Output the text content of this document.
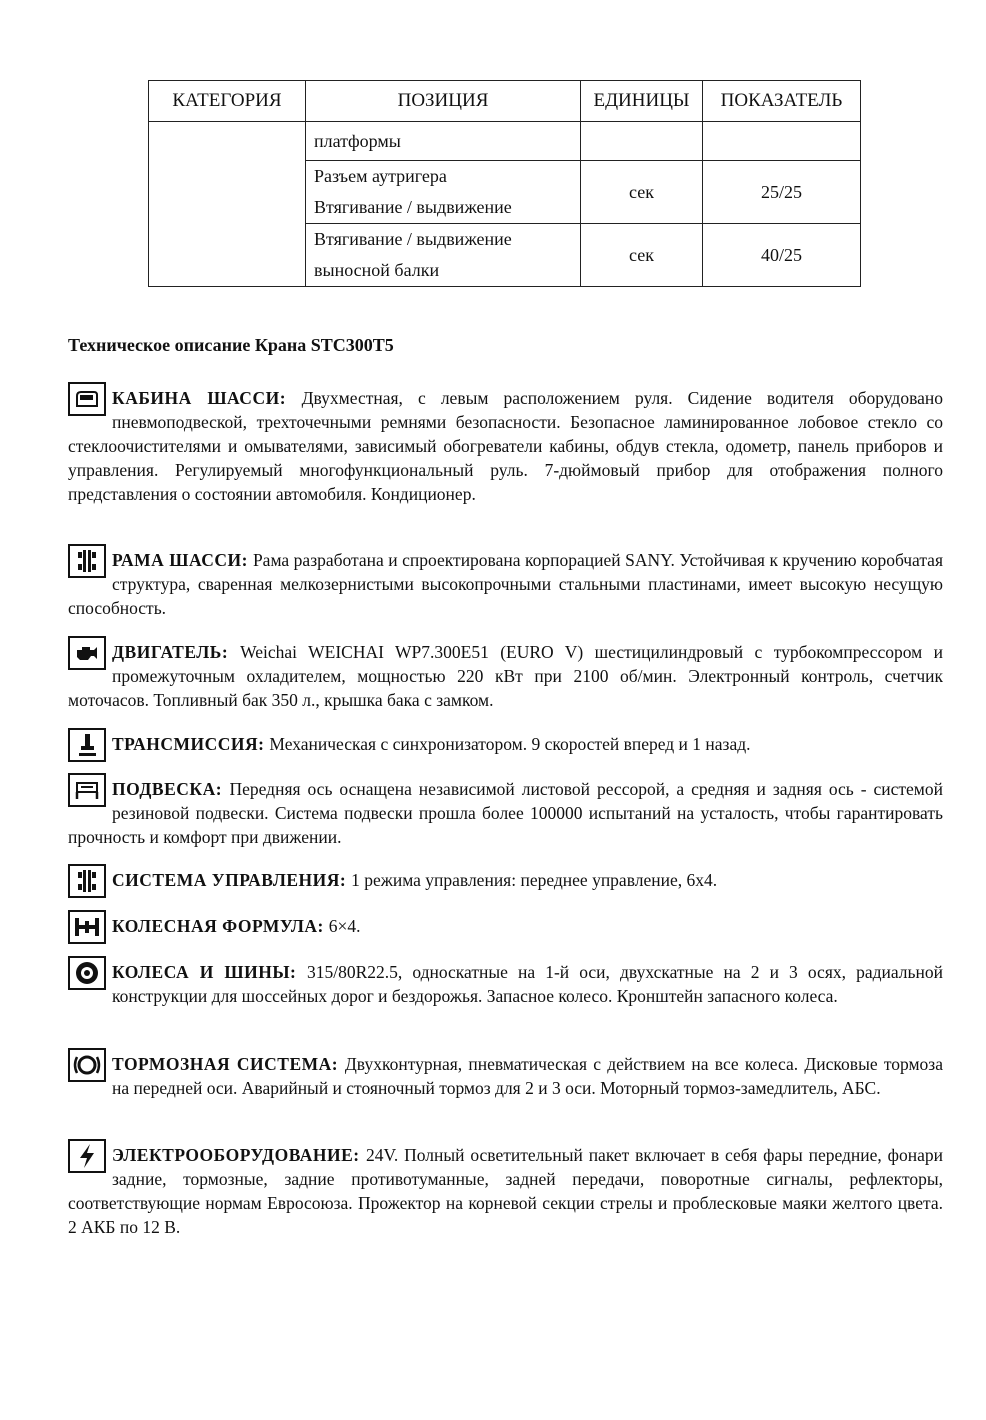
КАТЕГОРИЯ	ПОЗИЦИЯ	ЕДИНИЦЫ	ПОКАЗАТЕЛЬ

	платформы		

	Разъем аутригера
Втягивание / выдвижение	сек	25/25

	Втягивание / выдвижение
выносной балки	сек	40/25
Техническое описание Крана STC300T5
КАБИНА ШАССИ: Двухместная, с левым расположением руля. Сидение водителя оборудовано пневмоподвеской, трехточечными ремнями безопасности. Безопасное ламинированное лобовое стекло со стеклоочистителями и омывателями, зависимый обогреватели кабины, обдув стекла, одометр, панель приборов и управления. Регулируемый многофункциональный руль. 7-дюймовый прибор для отображения полного представления о состоянии автомобиля. Кондиционер.
РАМА ШАССИ: Рама разработана и спроектирована корпорацией SANY. Устойчивая к кручению коробчатая структура, сваренная мелкозернистыми высокопрочными стальными пластинами, имеет высокую несущую способность.
ДВИГАТЕЛЬ: Weichai WEICHAI WP7.300E51 (EURO V) шестицилиндровый с турбокомпрессором и промежуточным охладителем, мощностью 220 кВт при 2100 об/мин. Электронный контроль, счетчик моточасов. Топливный бак 350 л., крышка бака с замком.
ТРАНСМИССИЯ: Механическая с синхронизатором. 9 скоростей вперед и 1 назад.
ПОДВЕСКА: Передняя ось оснащена независимой листовой рессорой, а средняя и задняя ось - системой резиновой подвески. Система подвески прошла более 100000 испытаний на усталость, чтобы гарантировать прочность и комфорт при движении.
СИСТЕМА УПРАВЛЕНИЯ: 1 режима управления: переднее управление, 6x4.
КОЛЕСНАЯ ФОРМУЛА: 6×4.
КОЛЕСА И ШИНЫ: 315/80R22.5, односкатные на 1-й оси, двухскатные на 2 и 3 осях, радиальной конструкции для шоссейных дорог и бездорожья. Запасное колесо. Кронштейн запасного колеса.
ТОРМОЗНАЯ СИСТЕМА: Двухконтурная, пневматическая с действием на все колеса. Дисковые тормоза на передней оси. Аварийный и стояночный тормоз для 2 и 3 оси. Моторный тормоз-замедлитель, АБС.
ЭЛЕКТРООБОРУДОВАНИЕ: 24V. Полный осветительный пакет включает в себя фары передние, фонари задние, тормозные, задние противотуманные, задней передачи, поворотные сигналы, рефлекторы, соответствующие нормам Евросоюза. Прожектор на корневой секции стрелы и проблесковые маяки желтого цвета. 2 АКБ по 12 В.
